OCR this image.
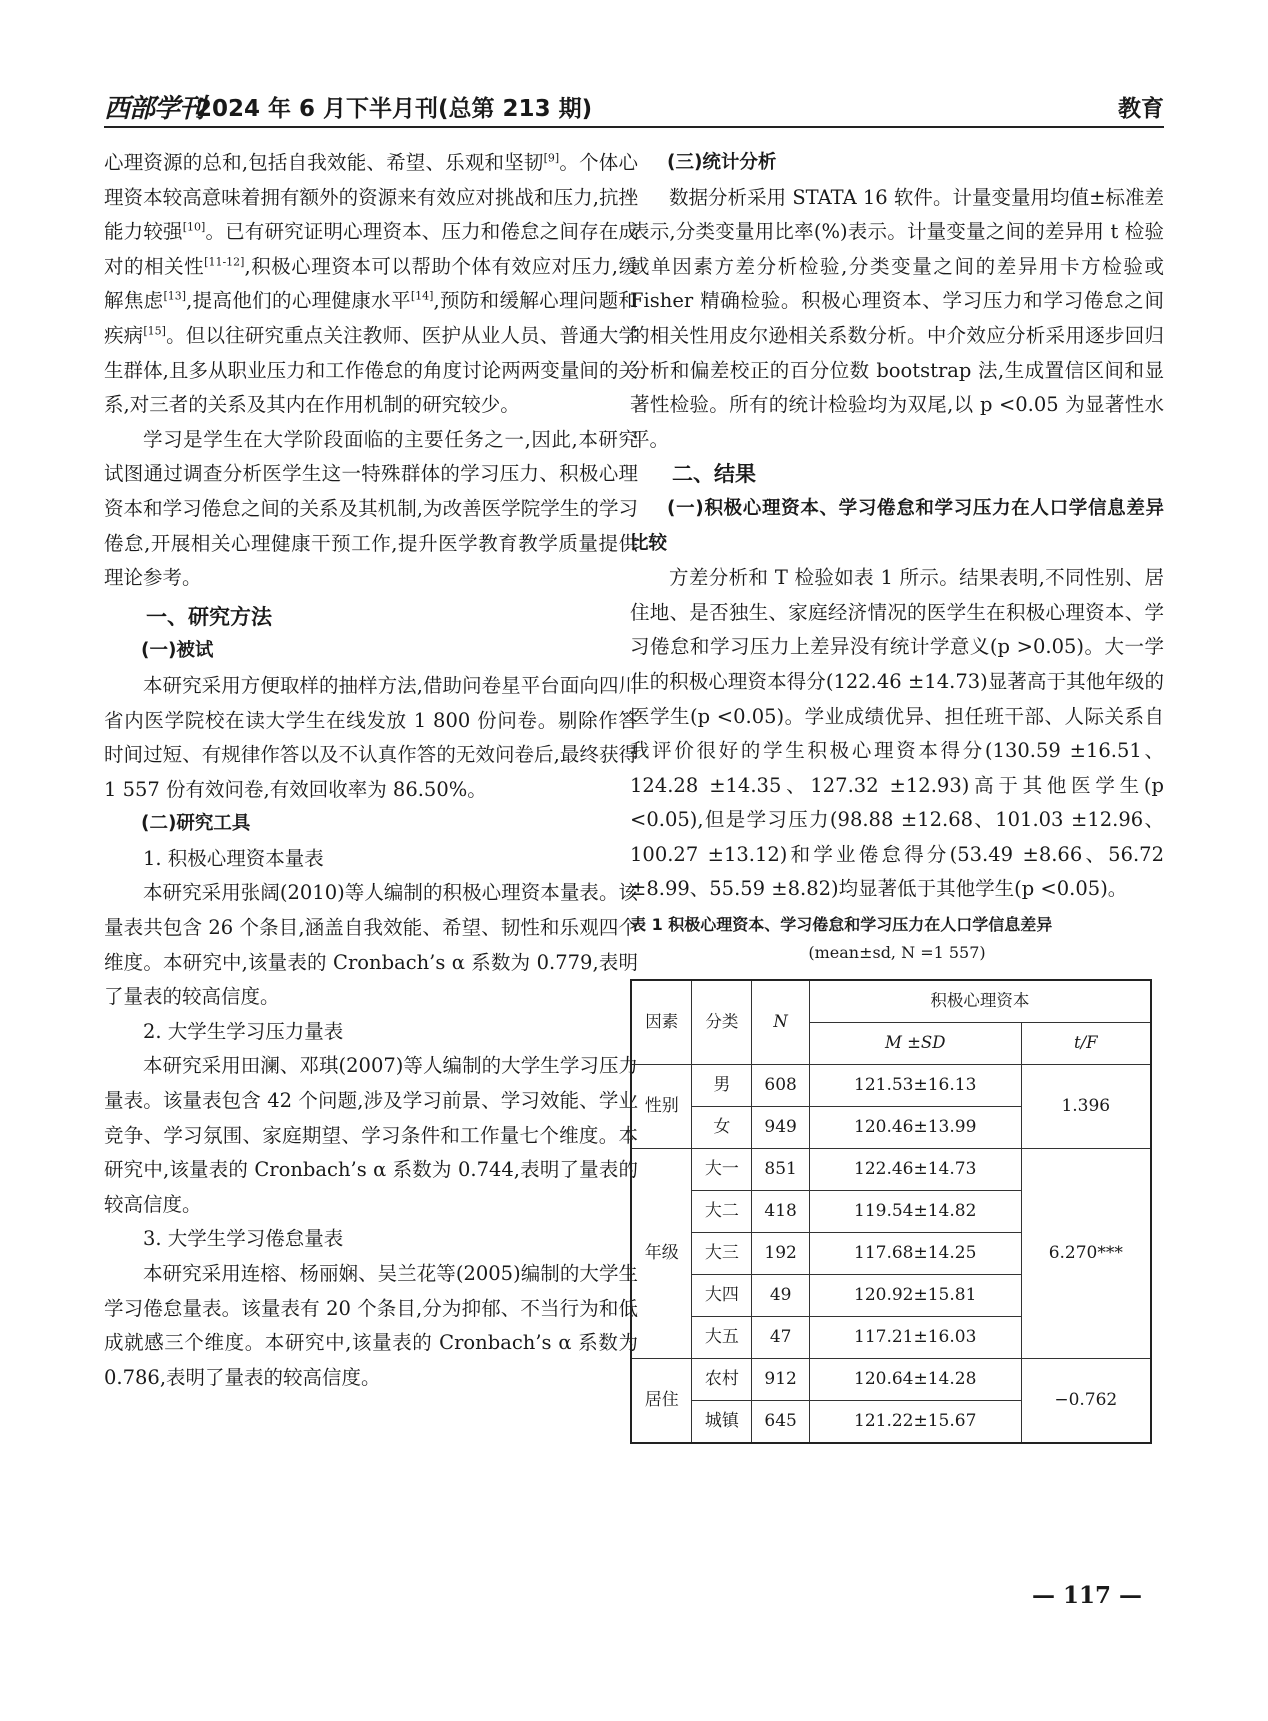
西部学刊
2024 年 6 月下半月刊(总第 213 期)	教育

心理资源的总和,包括自我效能、希望、乐观和坚韧[9]。个体心理资本较高意味着拥有额外的资源来有效应对挑战和压力,抗挫能力较强[10]。已有研究证明心理资本、压力和倦怠之间存在成对的相关性[11-12],积极心理资本可以帮助个体有效应对压力,缓解焦虑[13],提高他们的心理健康水平[14],预防和缓解心理问题和疾病[15]。但以往研究重点关注教师、医护从业人员、普通大学生群体,且多从职业压力和工作倦怠的角度讨论两两变量间的关系,对三者的关系及其内在作用机制的研究较少。

学习是学生在大学阶段面临的主要任务之一,因此,本研究试图通过调查分析医学生这一特殊群体的学习压力、积极心理资本和学习倦怠之间的关系及其机制,为改善医学院学生的学习倦怠,开展相关心理健康干预工作,提升医学教育教学质量提供理论参考。

一、研究方法

(一)被试

本研究采用方便取样的抽样方法,借助问卷星平台面向四川省内医学院校在读大学生在线发放 1 800 份问卷。剔除作答时间过短、有规律作答以及不认真作答的无效问卷后,最终获得 1 557 份有效问卷,有效回收率为 86.50%。

(二)研究工具

1. 积极心理资本量表

本研究采用张阔(2010)等人编制的积极心理资本量表。该量表共包含 26 个条目,涵盖自我效能、希望、韧性和乐观四个维度。本研究中,该量表的 Cronbach’s α 系数为 0.779,表明了量表的较高信度。

2. 大学生学习压力量表

本研究采用田澜、邓琪(2007)等人编制的大学生学习压力量表。该量表包含 42 个问题,涉及学习前景、学习效能、学业竞争、学习氛围、家庭期望、学习条件和工作量七个维度。本研究中,该量表的 Cronbach’s α 系数为 0.744,表明了量表的较高信度。

3. 大学生学习倦怠量表

本研究采用连榕、杨丽娴、吴兰花等(2005)编制的大学生学习倦怠量表。该量表有 20 个条目,分为抑郁、不当行为和低成就感三个维度。本研究中,该量表的 Cronbach’s α 系数为 0.786,表明了量表的较高信度。

(三)统计分析

数据分析采用 STATA 16 软件。计量变量用均值±标准差表示,分类变量用比率(%)表示。计量变量之间的差异用 t 检验或单因素方差分析检验,分类变量之间的差异用卡方检验或 Fisher 精确检验。积极心理资本、学习压力和学习倦怠之间的相关性用皮尔逊相关系数分析。中介效应分析采用逐步回归分析和偏差校正的百分位数 bootstrap 法,生成置信区间和显著性检验。所有的统计检验均为双尾,以 p <0.05 为显著性水平。

二、结果

(一)积极心理资本、学习倦怠和学习压力在人口学信息差异比较

方差分析和 T 检验如表 1 所示。结果表明,不同性别、居住地、是否独生、家庭经济情况的医学生在积极心理资本、学习倦怠和学习压力上差异没有统计学意义(p >0.05)。大一学生的积极心理资本得分(122.46 ±14.73)显著高于其他年级的医学生(p <0.05)。学业成绩优异、担任班干部、人际关系自我评价很好的学生积极心理资本得分(130.59 ±16.51、124.28 ±14.35、127.32 ±12.93)高于其他医学生(p <0.05),但是学习压力(98.88 ±12.68、101.03 ±12.96、100.27 ±13.12)和学业倦怠得分(53.49 ±8.66、56.72 ±8.99、55.59 ±8.82)均显著低于其他学生(p <0.05)。

表 1 积极心理资本、学习倦怠和学习压力在人口学信息差异
(mean±sd, N =1 557)
因素	分类	N	积极心理资本	
			M ±SD	t/F
性别	男	608	121.53±16.13	1.396
	女	949	120.46±13.99	
年级	大一	851	122.46±14.73	6.270***
	大二	418	119.54±14.82	
	大三	192	117.68±14.25	
	大四	49	120.92±15.81	
	大五	47	117.21±16.03	
居住	农村	912	120.64±14.28	−0.762
	城镇	645	121.22±15.67	
— 117 —
